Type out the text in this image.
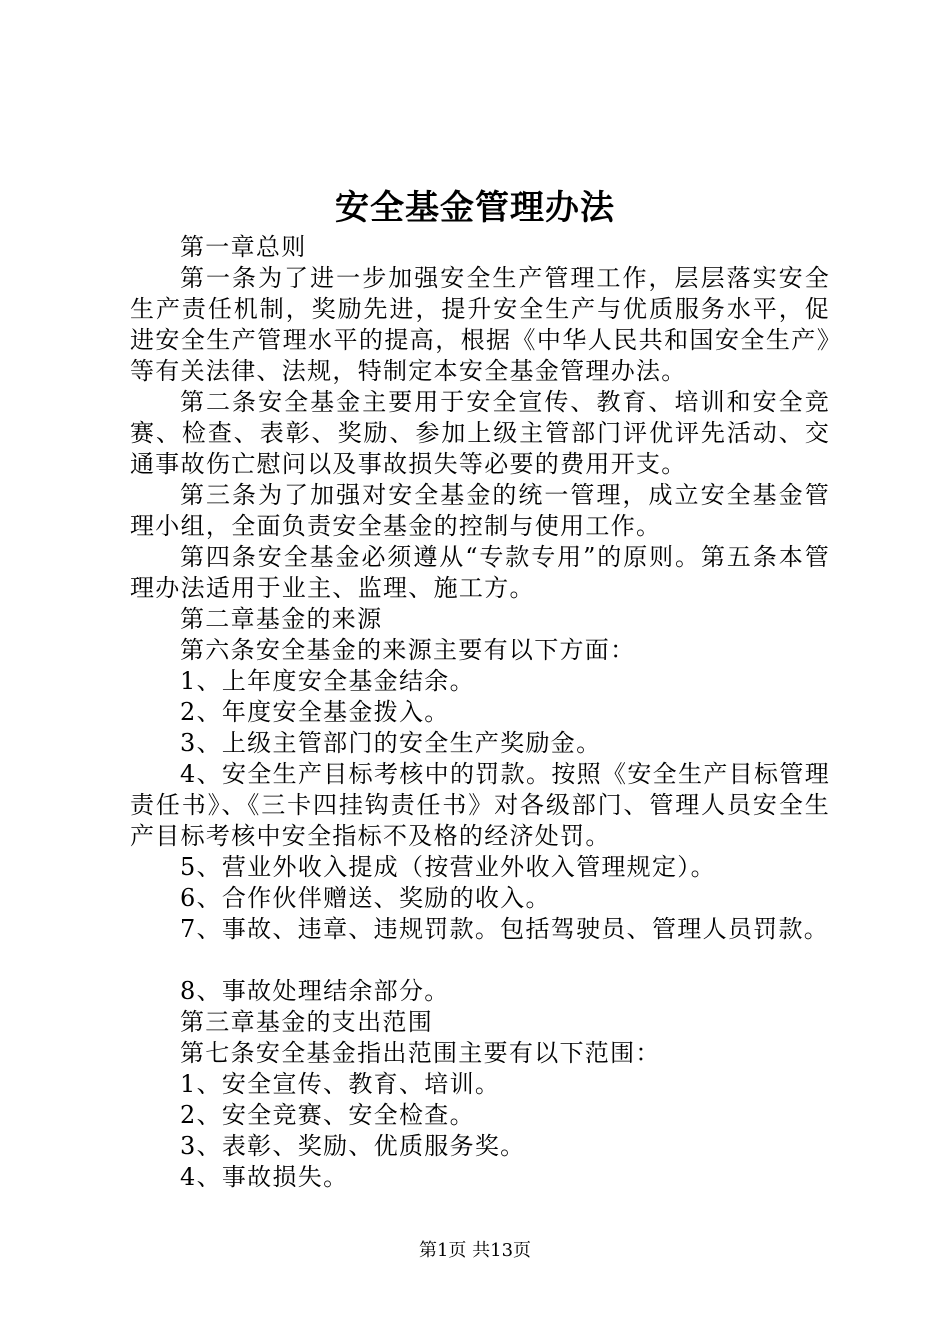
安全基金管理办法

第一章总则

第一条为了进一步加强安全生产管理工作，层层落实安全生产责任机制，奖励先进，提升安全生产与优质服务水平，促进安全生产管理水平的提高，根据《中华人民共和国安全生产》等有关法律、法规，特制定本安全基金管理办法。

第二条安全基金主要用于安全宣传、教育、培训和安全竞赛、检查、表彰、奖励、参加上级主管部门评优评先活动、交通事故伤亡慰问以及事故损失等必要的费用开支。

第三条为了加强对安全基金的统一管理，成立安全基金管理小组，全面负责安全基金的控制与使用工作。

第四条安全基金必须遵从“专款专用”的原则。第五条本管理办法适用于业主、监理、施工方。

第二章基金的来源

第六条安全基金的来源主要有以下方面：

1、上年度安全基金结余。

2、年度安全基金拨入。

3、上级主管部门的安全生产奖励金。

4、安全生产目标考核中的罚款。按照《安全生产目标管理责任书》、《三卡四挂钩责任书》对各级部门、管理人员安全生产目标考核中安全指标不及格的经济处罚。

5、营业外收入提成（按营业外收入管理规定）。

6、合作伙伴赠送、奖励的收入。

7、事故、违章、违规罚款。包括驾驶员、管理人员罚款。

8、事故处理结余部分。

第三章基金的支出范围

第七条安全基金指出范围主要有以下范围：

1、安全宣传、教育、培训。

2、安全竞赛、安全检查。

3、表彰、奖励、优质服务奖。

4、事故损失。

第1页 共13页
